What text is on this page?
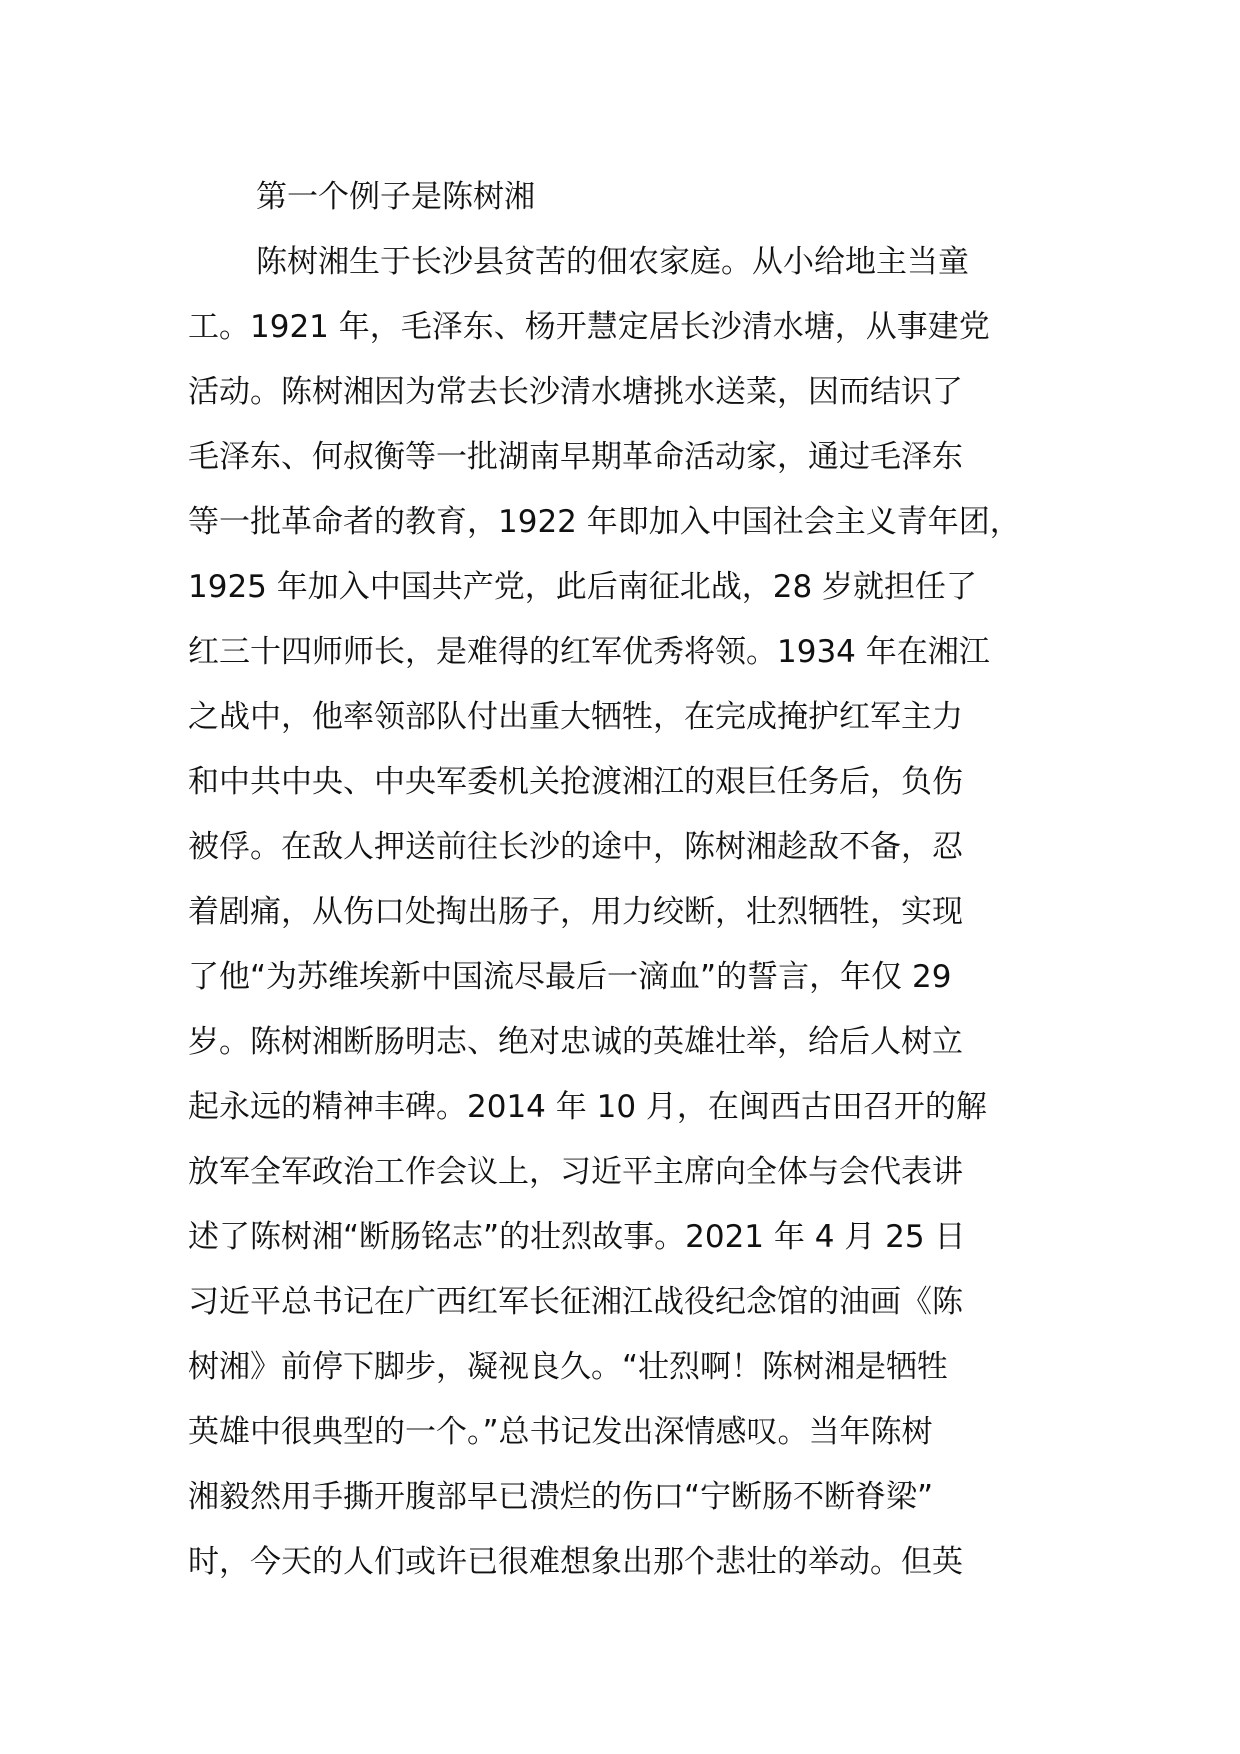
第一个例子是陈树湘
陈树湘生于长沙县贫苦的佃农家庭。从小给地主当童
工。1921 年，毛泽东、杨开慧定居长沙清水塘，从事建党
活动。陈树湘因为常去长沙清水塘挑水送菜，因而结识了
毛泽东、何叔衡等一批湖南早期革命活动家，通过毛泽东
等一批革命者的教育，1922 年即加入中国社会主义青年团，
1925 年加入中国共产党，此后南征北战，28 岁就担任了
红三十四师师长，是难得的红军优秀将领。1934 年在湘江
之战中，他率领部队付出重大牺牲，在完成掩护红军主力
和中共中央、中央军委机关抢渡湘江的艰巨任务后，负伤
被俘。在敌人押送前往长沙的途中，陈树湘趁敌不备，忍
着剧痛，从伤口处掏出肠子，用力绞断，壮烈牺牲，实现
了他“为苏维埃新中国流尽最后一滴血”的誓言，年仅 29
岁。陈树湘断肠明志、绝对忠诚的英雄壮举，给后人树立
起永远的精神丰碑。2014 年 10 月，在闽西古田召开的解
放军全军政治工作会议上，习近平主席向全体与会代表讲
述了陈树湘“断肠铭志”的壮烈故事。2021 年 4 月 25 日
习近平总书记在广西红军长征湘江战役纪念馆的油画《陈
树湘》前停下脚步，凝视良久。“壮烈啊！陈树湘是牺牲
英雄中很典型的一个。”总书记发出深情感叹。当年陈树
湘毅然用手撕开腹部早已溃烂的伤口“宁断肠不断脊梁”
时，今天的人们或许已很难想象出那个悲壮的举动。但英
